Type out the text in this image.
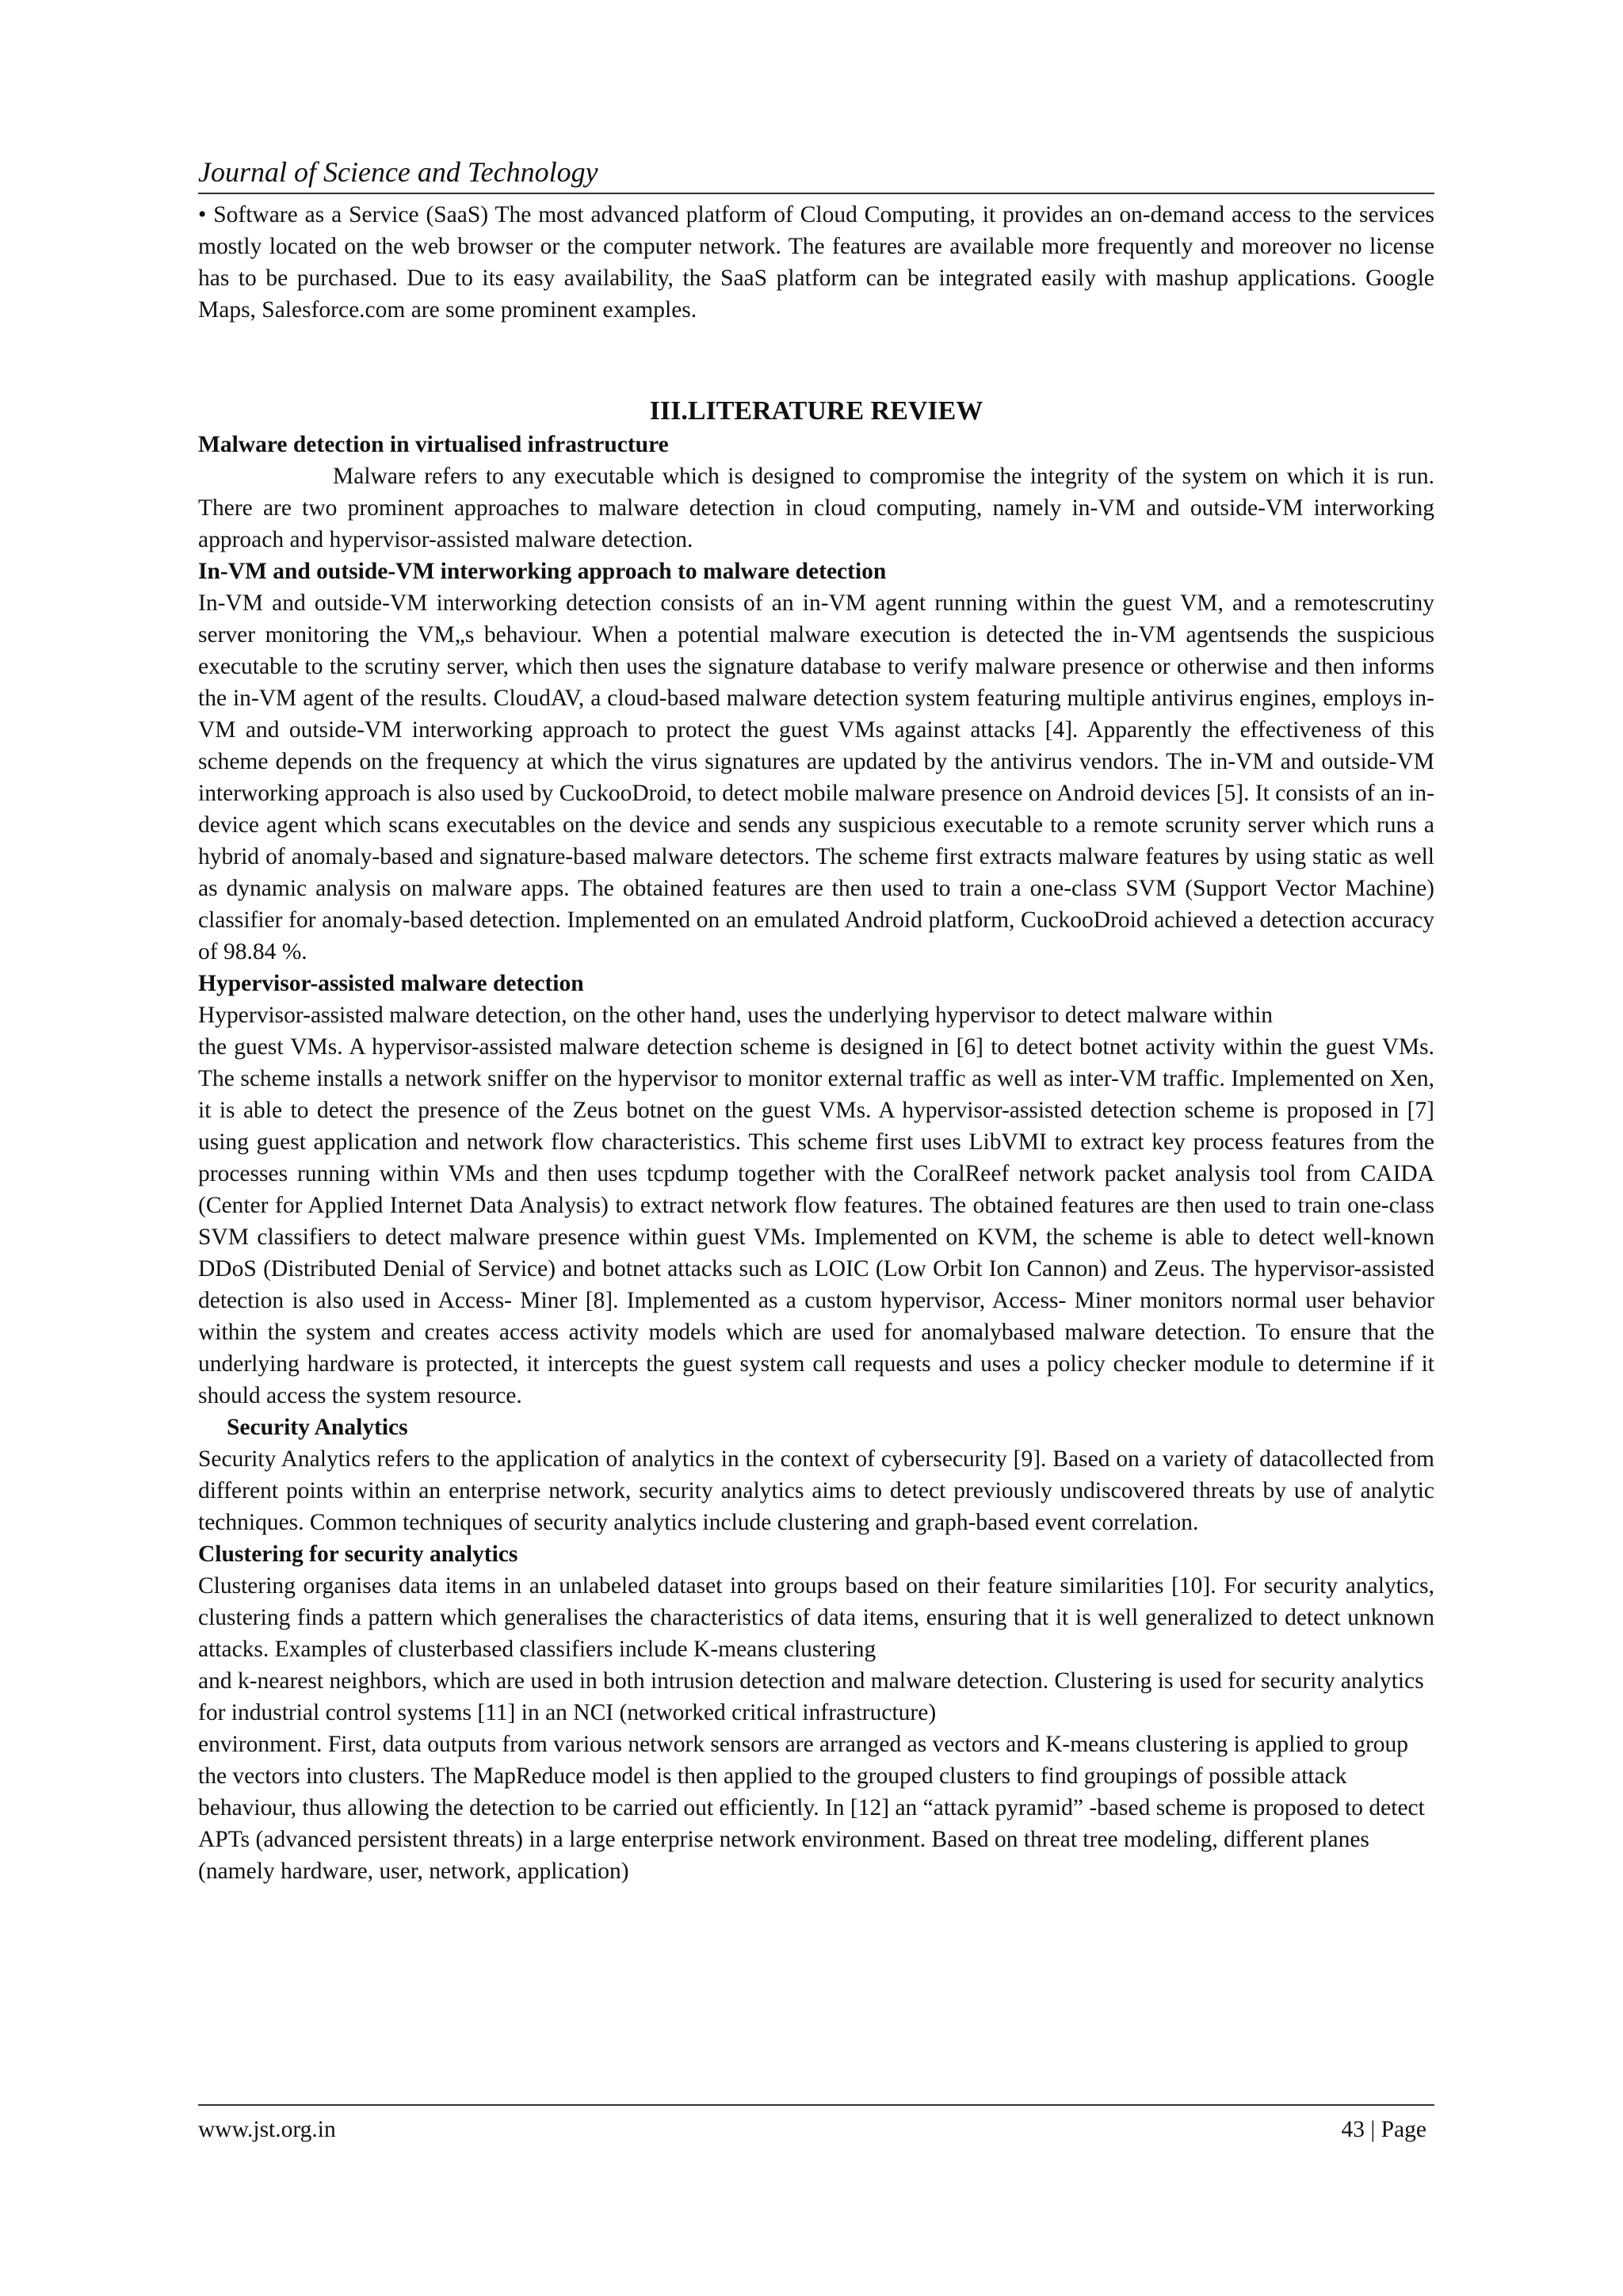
Journal of Science and Technology

• Software as a Service (SaaS) The most advanced platform of Cloud Computing, it provides an on-demand access to the services mostly located on the web browser or the computer network. The features are available more frequently and moreover no license has to be purchased. Due to its easy availability, the SaaS platform can be integrated easily with mashup applications. Google Maps, Salesforce.com are some prominent examples.

III.LITERATURE REVIEW

Malware detection in virtualised infrastructure

Malware refers to any executable which is designed to compromise the integrity of the system on which it is run. There are two prominent approaches to malware detection in cloud computing, namely in-VM and outside-VM interworking approach and hypervisor-assisted malware detection.

In-VM and outside-VM interworking approach to malware detection

In-VM and outside-VM interworking detection consists of an in-VM agent running within the guest VM, and a remotescrutiny server monitoring the VM„s behaviour. When a potential malware execution is detected the in-VM agentsends the suspicious executable to the scrutiny server, which then uses the signature database to verify malware presence or otherwise and then informs the in-VM agent of the results. CloudAV, a cloud-based malware detection system featuring multiple antivirus engines, employs in-VM and outside-VM interworking approach to protect the guest VMs against attacks [4]. Apparently the effectiveness of this scheme depends on the frequency at which the virus signatures are updated by the antivirus vendors. The in-VM and outside-VM interworking approach is also used by CuckooDroid, to detect mobile malware presence on Android devices [5]. It consists of an in-device agent which scans executables on the device and sends any suspicious executable to a remote scrunity server which runs a hybrid of anomaly-based and signature-based malware detectors. The scheme first extracts malware features by using static as well as dynamic analysis on malware apps. The obtained features are then used to train a one-class SVM (Support Vector Machine) classifier for anomaly-based detection. Implemented on an emulated Android platform, CuckooDroid achieved a detection accuracy of 98.84 %.

Hypervisor-assisted malware detection

Hypervisor-assisted malware detection, on the other hand, uses the underlying hypervisor to detect malware within

the guest VMs. A hypervisor-assisted malware detection scheme is designed in [6] to detect botnet activity within the guest VMs. The scheme installs a network sniffer on the hypervisor to monitor external traffic as well as inter-VM traffic. Implemented on Xen, it is able to detect the presence of the Zeus botnet on the guest VMs. A hypervisor-assisted detection scheme is proposed in [7] using guest application and network flow characteristics. This scheme first uses LibVMI to extract key process features from the processes running within VMs and then uses tcpdump together with the CoralReef network packet analysis tool from CAIDA (Center for Applied Internet Data Analysis) to extract network flow features. The obtained features are then used to train one-class SVM classifiers to detect malware presence within guest VMs. Implemented on KVM, the scheme is able to detect well-known DDoS (Distributed Denial of Service) and botnet attacks such as LOIC (Low Orbit Ion Cannon) and Zeus. The hypervisor-assisted detection is also used in Access- Miner [8]. Implemented as a custom hypervisor, Access- Miner monitors normal user behavior within the system and creates access activity models which are used for anomalybased malware detection. To ensure that the underlying hardware is protected, it intercepts the guest system call requests and uses a policy checker module to determine if it should access the system resource.

Security Analytics

Security Analytics refers to the application of analytics in the context of cybersecurity [9]. Based on a variety of datacollected from different points within an enterprise network, security analytics aims to detect previously undiscovered threats by use of analytic techniques. Common techniques of security analytics include clustering and graph-based event correlation.

Clustering for security analytics

Clustering organises data items in an unlabeled dataset into groups based on their feature similarities [10]. For security analytics, clustering finds a pattern which generalises the characteristics of data items, ensuring that it is well generalized to detect unknown attacks. Examples of clusterbased classifiers include K-means clustering

and k-nearest neighbors, which are used in both intrusion detection and malware detection. Clustering is used for security analytics for industrial control systems [11] in an NCI (networked critical infrastructure)

environment. First, data outputs from various network sensors are arranged as vectors and K-means clustering is applied to group the vectors into clusters. The MapReduce model is then applied to the grouped clusters to find groupings of possible attack behaviour, thus allowing the detection to be carried out efficiently. In [12] an “attack pyramid” -based scheme is proposed to detect APTs (advanced persistent threats) in a large enterprise network environment. Based on threat tree modeling, different planes (namely hardware, user, network, application)

www.jst.org.in	43 | Page
